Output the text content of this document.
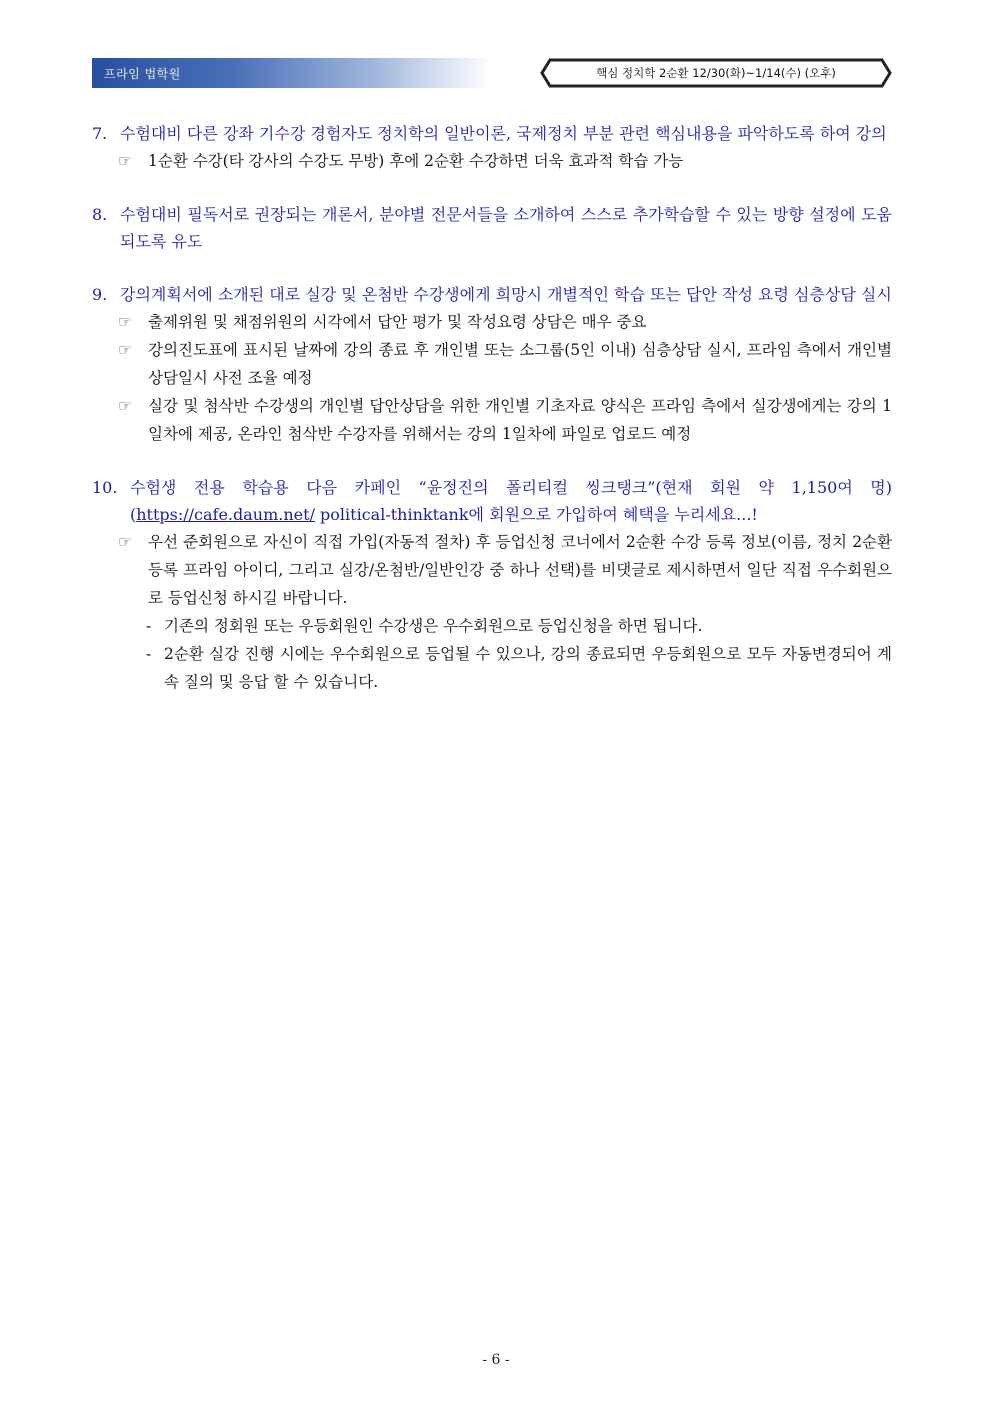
프라임 법학원	핵심 정치학 2순환 12/30(화)~1/14(수) (오후)
7. 수험대비 다른 강좌 기수강 경험자도 정치학의 일반이론, 국제정치 부분 관련 핵심내용을 파악하도록 하여 강의
☞ 1순환 수강(타 강사의 수강도 무방) 후에 2순환 수강하면 더욱 효과적 학습 가능
8. 수험대비 필독서로 권장되는 개론서, 분야별 전문서들을 소개하여 스스로 추가학습할 수 있는 방향 설정에 도움되도록 유도
9. 강의계획서에 소개된 대로 실강 및 온첨반 수강생에게 희망시 개별적인 학습 또는 답안 작성 요령 심층상담 실시
☞ 출제위원 및 채점위원의 시각에서 답안 평가 및 작성요령 상담은 매우 중요
☞ 강의진도표에 표시된 날짜에 강의 종료 후 개인별 또는 소그룹(5인 이내) 심층상담 실시, 프라임 측에서 개인별 상담일시 사전 조율 예정
☞ 실강 및 첨삭반 수강생의 개인별 답안상담을 위한 개인별 기초자료 양식은 프라임 측에서 실강생에게는 강의 1일차에 제공, 온라인 첨삭반 수강자를 위해서는 강의 1일차에 파일로 업로드 예정
10. 수험생 전용 학습용 다음 카페인 “윤정진의 폴리티컬 씽크탱크”(현재 회원 약 1,150여 명) (https://cafe.daum.net/ political-thinktank에 회원으로 가입하여 혜택을 누리세요...!
☞ 우선 준회원으로 자신이 직접 가입(자동적 절차) 후 등업신청 코너에서 2순환 수강 등록 정보(이름, 정치 2순환 등록 프라임 아이디, 그리고 실강/온첨반/일반인강 중 하나 선택)를 비댓글로 제시하면서 일단 직접 우수회원으로 등업신청 하시길 바랍니다.
- 기존의 정회원 또는 우등회원인 수강생은 우수회원으로 등업신청을 하면 됩니다.
- 2순환 실강 진행 시에는 우수회원으로 등업될 수 있으나, 강의 종료되면 우등회원으로 모두 자동변경되어 계속 질의 및 응답 할 수 있습니다.
- 6 -
